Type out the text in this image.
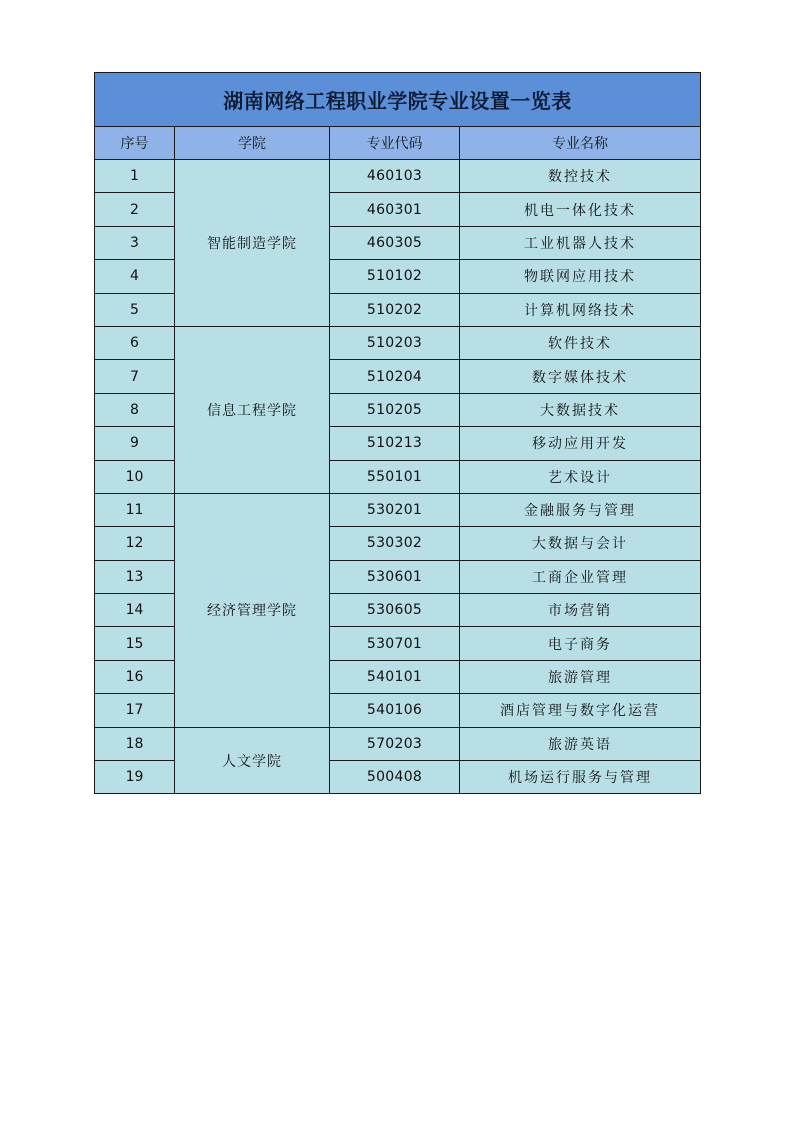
湖南网络工程职业学院专业设置一览表			
序号	学院	专业代码	专业名称
1	智能制造学院	460103	数控技术
2		460301	机电一体化技术
3		460305	工业机器人技术
4		510102	物联网应用技术
5		510202	计算机网络技术
6	信息工程学院	510203	软件技术
7		510204	数字媒体技术
8		510205	大数据技术
9		510213	移动应用开发
10		550101	艺术设计
11	经济管理学院	530201	金融服务与管理
12		530302	大数据与会计
13		530601	工商企业管理
14		530605	市场营销
15		530701	电子商务
16		540101	旅游管理
17		540106	酒店管理与数字化运营
18	人文学院	570203	旅游英语
19		500408	机场运行服务与管理
